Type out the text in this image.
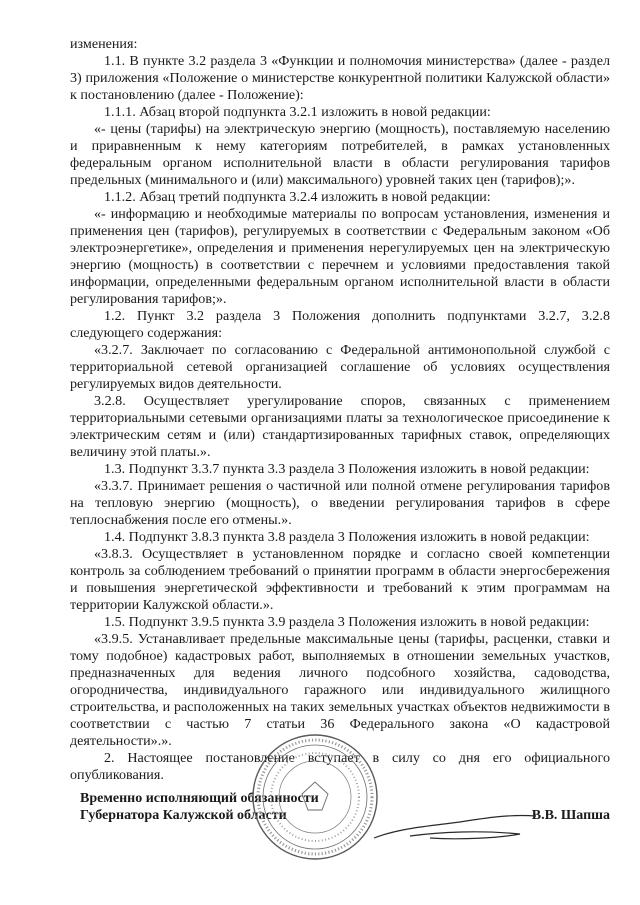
изменения:

1.1. В пункте 3.2 раздела 3 «Функции и полномочия министерства» (далее - раздел 3) приложения «Положение о министерстве конкурентной политики Калужской области» к постановлению (далее - Положение):

1.1.1. Абзац второй подпункта 3.2.1 изложить в новой редакции:

«- цены (тарифы) на электрическую энергию (мощность), поставляемую населению и приравненным к нему категориям потребителей, в рамках установленных федеральным органом исполнительной власти в области регулирования тарифов предельных (минимального и (или) максимального) уровней таких цен (тарифов);».

1.1.2. Абзац третий подпункта 3.2.4 изложить в новой редакции:

«- информацию и необходимые материалы по вопросам установления, изменения и применения цен (тарифов), регулируемых в соответствии с Федеральным законом «Об электроэнергетике», определения и применения нерегулируемых цен на электрическую энергию (мощность) в соответствии с перечнем и условиями предоставления такой информации, определенными федеральным органом исполнительной власти в области регулирования тарифов;».

1.2. Пункт 3.2 раздела 3 Положения дополнить подпунктами 3.2.7, 3.2.8 следующего содержания:

«3.2.7. Заключает по согласованию с Федеральной антимонопольной службой с территориальной сетевой организацией соглашение об условиях осуществления регулируемых видов деятельности.

3.2.8. Осуществляет урегулирование споров, связанных с применением территориальными сетевыми организациями платы за технологическое присоединение к электрическим сетям и (или) стандартизированных тарифных ставок, определяющих величину этой платы.».

1.3. Подпункт 3.3.7 пункта 3.3 раздела 3 Положения изложить в новой редакции:

«3.3.7. Принимает решения о частичной или полной отмене регулирования тарифов на тепловую энергию (мощность), о введении регулирования тарифов в сфере теплоснабжения после его отмены.».

1.4. Подпункт 3.8.3 пункта 3.8 раздела 3 Положения изложить в новой редакции:

«3.8.3. Осуществляет в установленном порядке и согласно своей компетенции контроль за соблюдением требований о принятии программ в области энергосбережения и повышения энергетической эффективности и требований к этим программам на территории Калужской области.».

1.5. Подпункт 3.9.5 пункта 3.9 раздела 3 Положения изложить в новой редакции:

«3.9.5. Устанавливает предельные максимальные цены (тарифы, расценки, ставки и тому подобное) кадастровых работ, выполняемых в отношении земельных участков, предназначенных для ведения личного подсобного хозяйства, садоводства, огородничества, индивидуального гаражного или индивидуального жилищного строительства, и расположенных на таких земельных участках объектов недвижимости в соответствии с частью 7 статьи 36 Федерального закона «О кадастровой деятельности».».

2. Настоящее постановление вступает в силу со дня его официального опубликования.

Временно исполняющий обязанности
Губернатора Калужской области	В.В. Шапша
